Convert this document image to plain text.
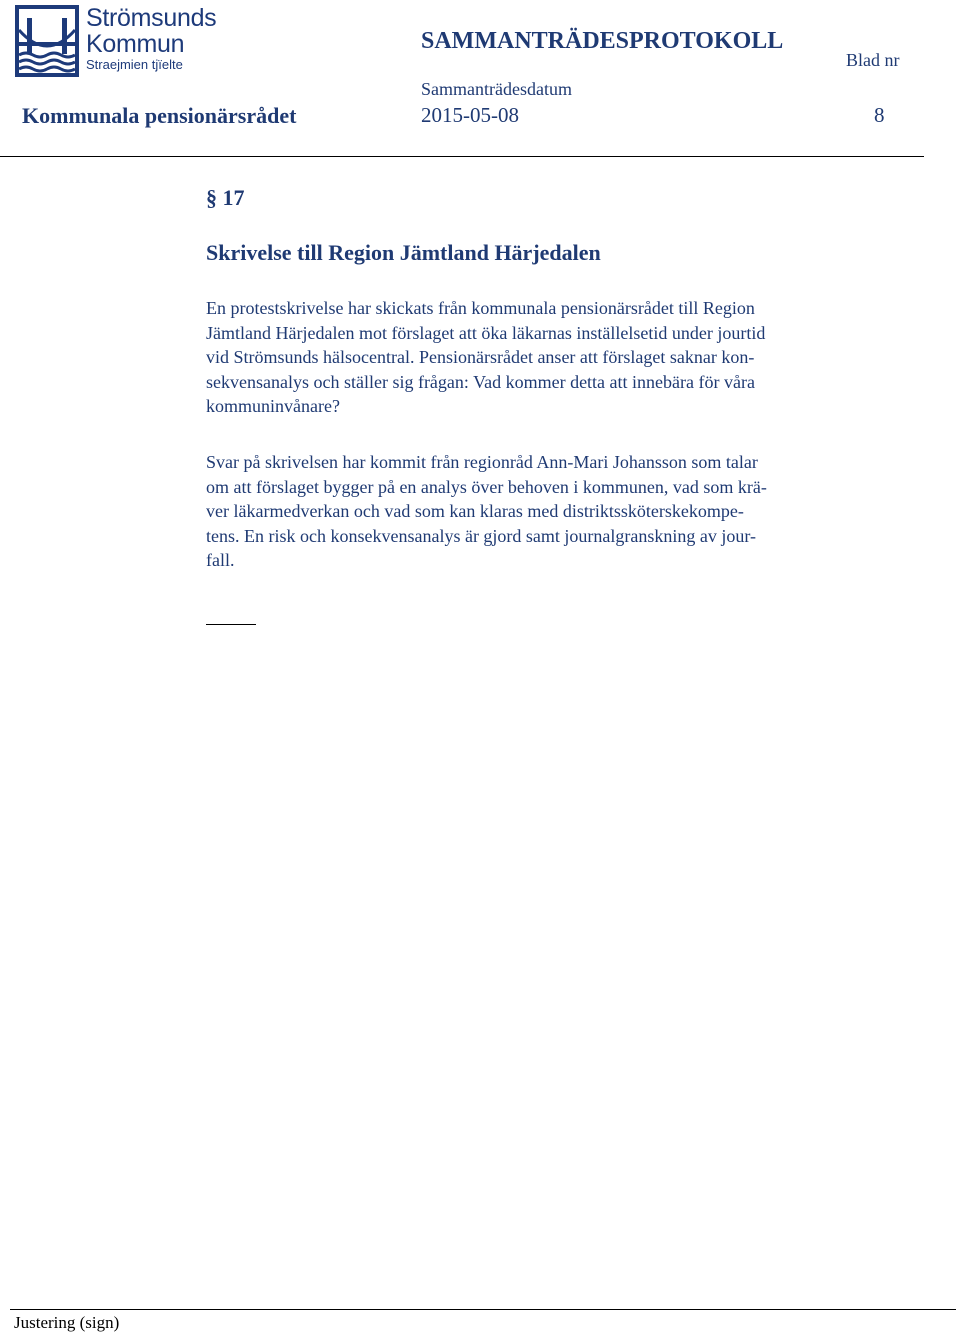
Strömsunds
Kommun
Straejmien tjïelte
SAMMANTRÄDESPROTOKOLL
Blad nr
Sammanträdesdatum
Kommunala pensionärsrådet	2015-05-08	8
§ 17
Skrivelse till Region Jämtland Härjedalen
En protestskrivelse har skickats från kommunala pensionärsrådet till Region
Jämtland Härjedalen mot förslaget att öka läkarnas inställelsetid under jourtid
vid Strömsunds hälsocentral. Pensionärsrådet anser att förslaget saknar kon-
sekvensanalys och ställer sig frågan: Vad kommer detta att innebära för våra
kommuninvånare?
Svar på skrivelsen har kommit från regionråd Ann-Mari Johansson som talar
om att förslaget bygger på en analys över behoven i kommunen, vad som krä-
ver läkarmedverkan och vad som kan klaras med distriktssköterskekompe-
tens. En risk och konsekvensanalys är gjord samt journalgranskning av jour-
fall.
Justering (sign)
